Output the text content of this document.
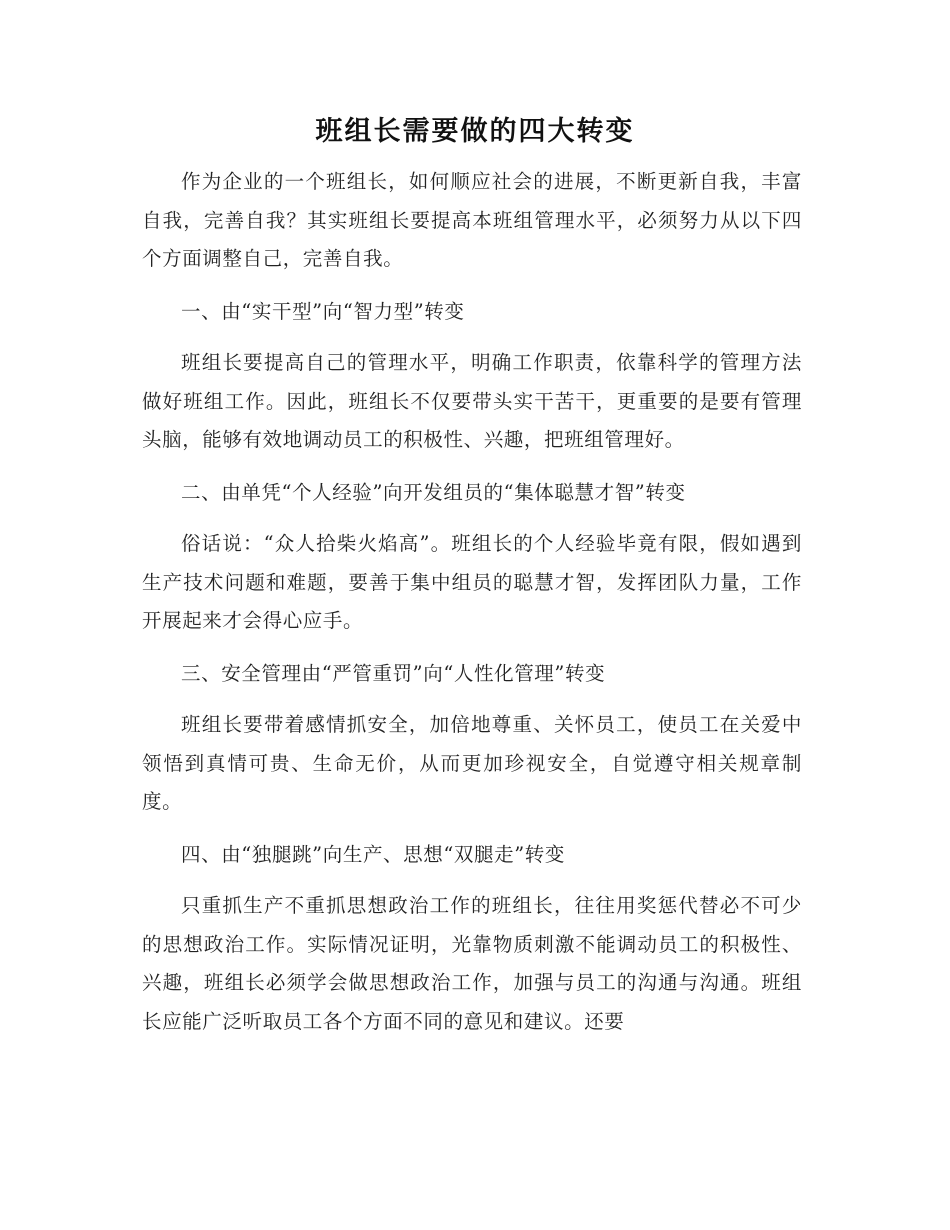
班组长需要做的四大转变

作为企业的一个班组长，如何顺应社会的进展，不断更新自我，丰富自我，完善自我？其实班组长要提高本班组管理水平，必须努力从以下四个方面调整自己，完善自我。

一、由“实干型”向“智力型”转变

班组长要提高自己的管理水平，明确工作职责，依靠科学的管理方法做好班组工作。因此，班组长不仅要带头实干苦干，更重要的是要有管理头脑，能够有效地调动员工的积极性、兴趣，把班组管理好。

二、由单凭“个人经验”向开发组员的“集体聪慧才智”转变

俗话说：“众人拾柴火焰高”。班组长的个人经验毕竟有限，假如遇到生产技术问题和难题，要善于集中组员的聪慧才智，发挥团队力量，工作开展起来才会得心应手。

三、安全管理由“严管重罚”向“人性化管理”转变

班组长要带着感情抓安全，加倍地尊重、关怀员工，使员工在关爱中领悟到真情可贵、生命无价，从而更加珍视安全，自觉遵守相关规章制度。

四、由“独腿跳”向生产、思想“双腿走”转变

只重抓生产不重抓思想政治工作的班组长，往往用奖惩代替必不可少的思想政治工作。实际情况证明，光靠物质刺激不能调动员工的积极性、兴趣，班组长必须学会做思想政治工作，加强与员工的沟通与沟通。班组长应能广泛听取员工各个方面不同的意见和建议。还要
